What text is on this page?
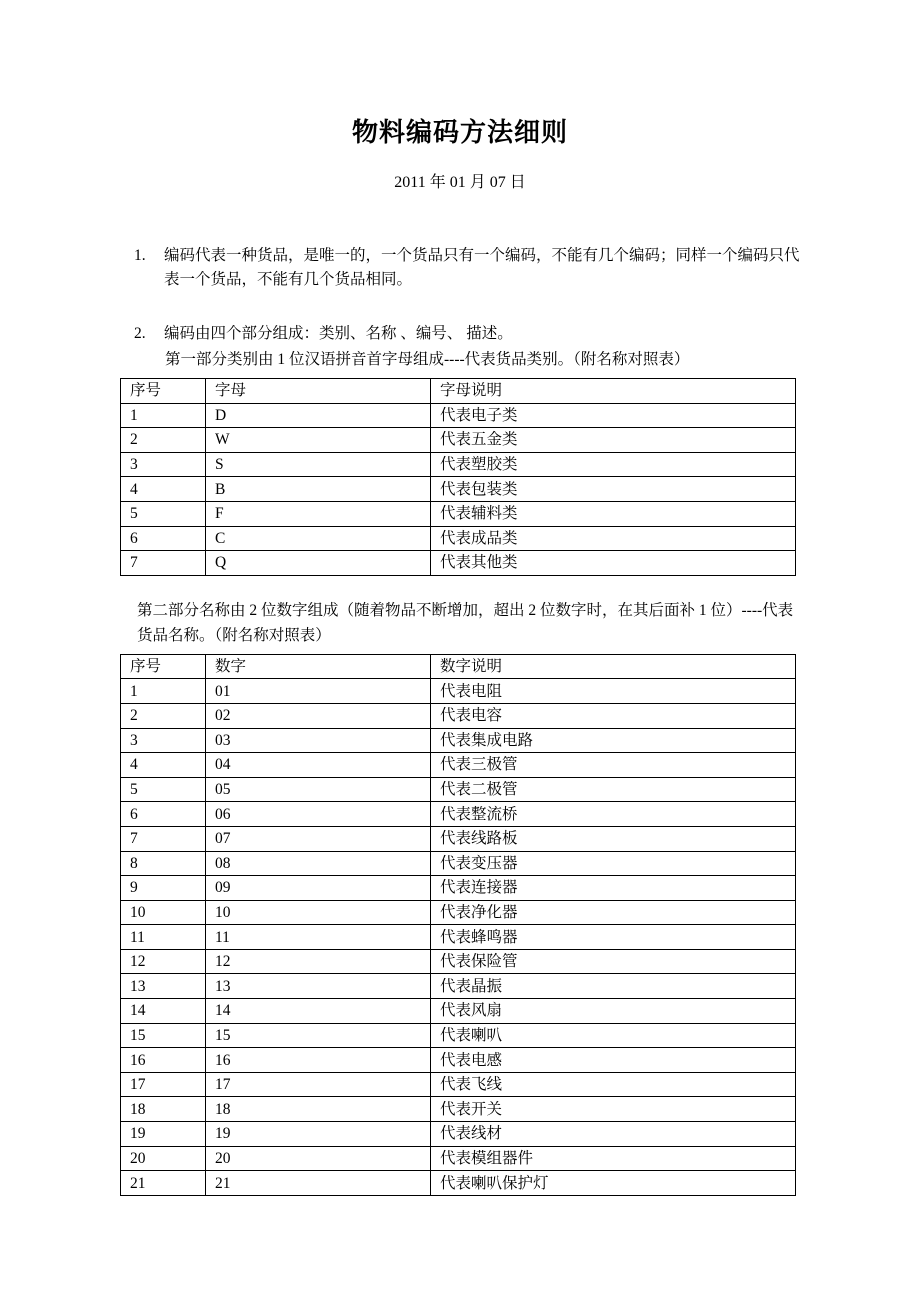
物料编码方法细则
2011 年 01 月 07 日
1.	编码代表一种货品，是唯一的，一个货品只有一个编码，不能有几个编码；同样一个编码只代表一个货品，不能有几个货品相同。
2.	编码由四个部分组成：类别、名称 、编号、 描述。
第一部分类别由 1 位汉语拼音首字母组成----代表货品类别。（附名称对照表）
序号	字母	字母说明
1	D	代表电子类
2	W	代表五金类
3	S	代表塑胶类
4	B	代表包装类
5	F	代表辅料类
6	C	代表成品类
7	Q	代表其他类
第二部分名称由 2 位数字组成（随着物品不断增加，超出 2 位数字时，在其后面补 1 位）----代表货品名称。（附名称对照表）
序号	数字	数字说明
1	01	代表电阻
2	02	代表电容
3	03	代表集成电路
4	04	代表三极管
5	05	代表二极管
6	06	代表整流桥
7	07	代表线路板
8	08	代表变压器
9	09	代表连接器
10	10	代表净化器
11	11	代表蜂鸣器
12	12	代表保险管
13	13	代表晶振
14	14	代表风扇
15	15	代表喇叭
16	16	代表电感
17	17	代表飞线
18	18	代表开关
19	19	代表线材
20	20	代表模组器件
21	21	代表喇叭保护灯
